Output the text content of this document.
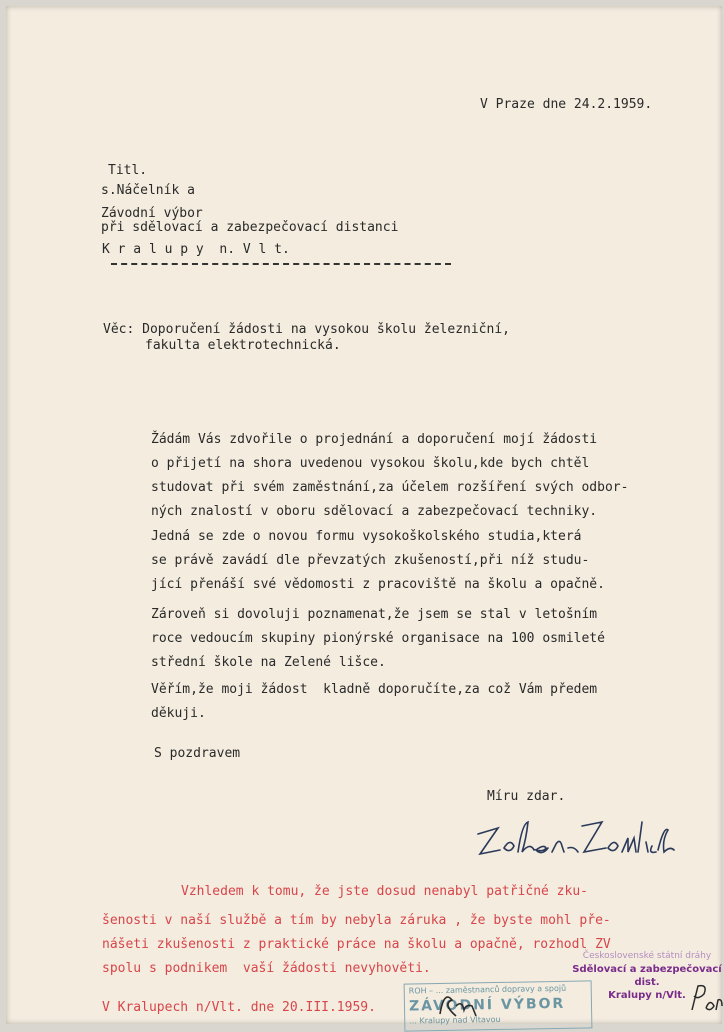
V Praze dne 24.2.1959.
Titl.
s.Náčelník a
Závodní výbor
při sdělovací a zabezpečovací distanci
K r a l u p y  n. V l t.
Věc: Doporučení žádosti na vysokou školu železniční,
fakulta elektrotechnická.

Žádám Vás zdvořile o projednání a doporučení mojí žádosti
o přijetí na shora uvedenou vysokou školu,kde bych chtěl
studovat při svém zaměstnání,za účelem rozšíření svých odbor-
ných znalostí v oboru sdělovací a zabezpečovací techniky.

Jedná se zde o novou formu vysokoškolského studia,která
se právě zavádí dle převzatých zkušeností,při níž studu-
jící přenáší své vědomosti z pracoviště na školu a opačně.

Zároveň si dovoluji poznamenat,že jsem se stal v letošním
roce vedoucím skupiny pionýrské organisace na 100 osmileté
střední škole na Zelené lišce.

Věřím,že moji žádost  kladně doporučíte,za což Vám předem
děkuji.
S pozdravem
Míru zdar.
Vzhledem k tomu, že jste dosud nenabyl patřičné zku-
šenosti v naší službě a tím by nebyla záruka , že byste mohl pře-
nášeti zkušenosti z praktické práce na školu a opačně, rozhodl ZV
spolu s podnikem  vaší žádosti nevyhověti.
V Kralupech n/Vlt. dne 20.III.1959.
ROH – ... zaměstnanců dopravy a spojů
ZÁVODNÍ VÝBOR
... Kralupy nad Vltavou
Československé státní dráhy
Sdělovací a zabezpečovací dist.
Kralupy n/Vlt.
